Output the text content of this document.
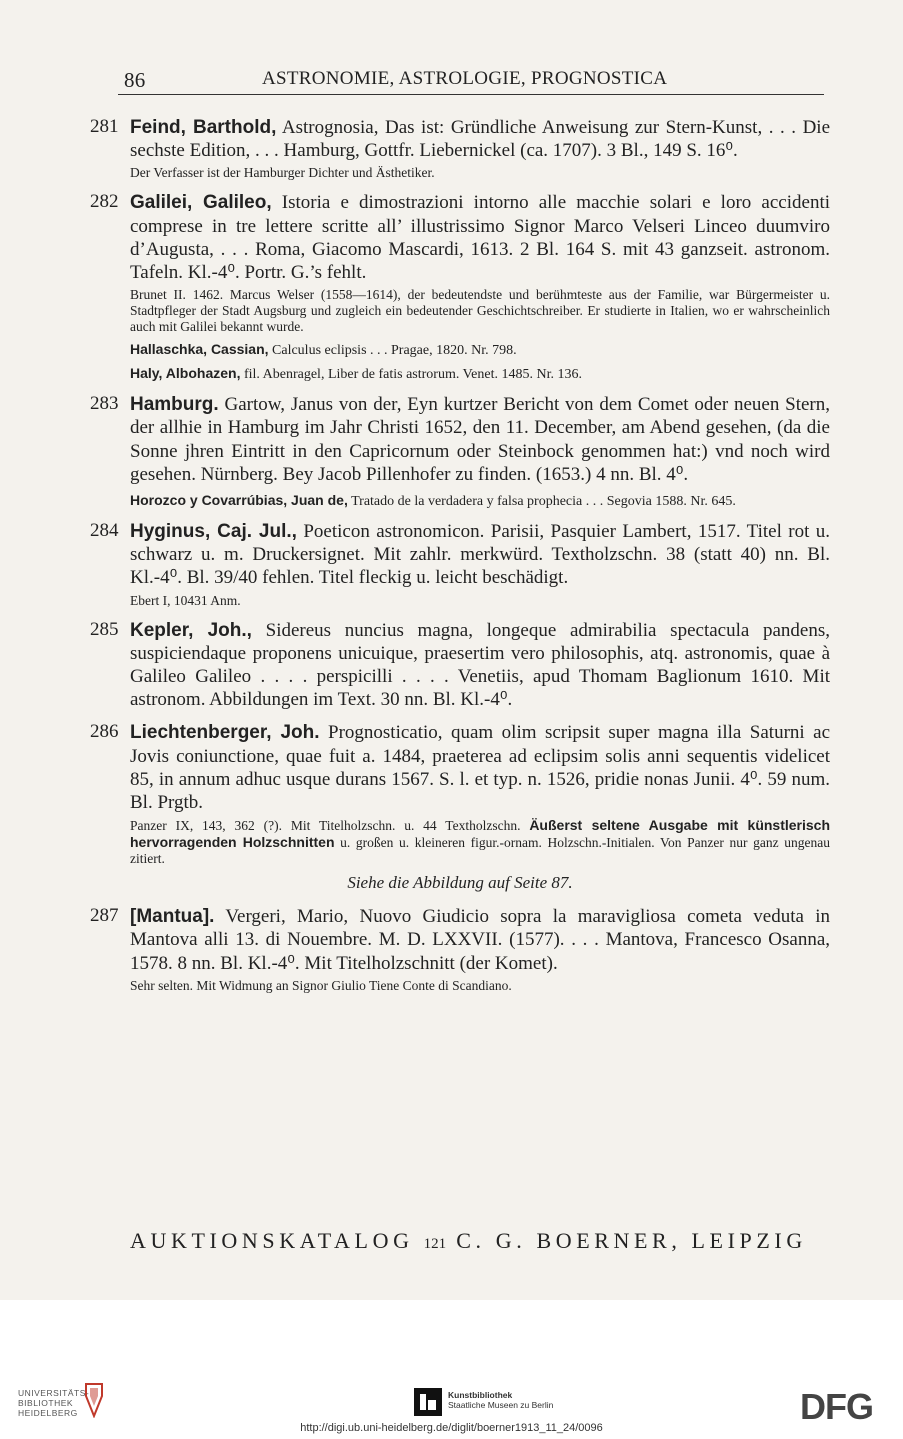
86	ASTRONOMIE, ASTROLOGIE, PROGNOSTICA
281 Feind, Barthold, Astrognosia, Das ist: Gründliche Anweisung zur Stern-Kunst, . . . Die sechste Edition, . . . Hamburg, Gottfr. Liebernickel (ca. 1707). 3 Bl., 149 S. 16⁰.
Der Verfasser ist der Hamburger Dichter und Ästhetiker.
282 Galilei, Galileo, Istoria e dimostrazioni intorno alle macchie solari e loro accidenti comprese in tre lettere scritte all’ illustrissimo Signor Marco Velseri Linceo duumviro d’Augusta, . . . Roma, Giacomo Mascardi, 1613. 2 Bl. 164 S. mit 43 ganzseit. astronom. Tafeln. Kl.-4⁰. Portr. G.’s fehlt.
Brunet II. 1462. Marcus Welser (1558—1614), der bedeutendste und berühmteste aus der Familie, war Bürgermeister u. Stadtpfleger der Stadt Augsburg und zugleich ein bedeutender Geschichtschreiber. Er studierte in Italien, wo er wahrscheinlich auch mit Galilei bekannt wurde.
Hallaschka, Cassian, Calculus eclipsis . . . Pragae, 1820. Nr. 798.
Haly, Albohazen, fil. Abenragel, Liber de fatis astrorum. Venet. 1485. Nr. 136.
283 Hamburg. Gartow, Janus von der, Eyn kurtzer Bericht von dem Comet oder neuen Stern, der allhie in Hamburg im Jahr Christi 1652, den 11. December, am Abend gesehen, (da die Sonne jhren Eintritt in den Capricornum oder Steinbock genommen hat:) vnd noch wird gesehen. Nürnberg. Bey Jacob Pillenhofer zu finden. (1653.) 4 nn. Bl. 4⁰.
Horozco y Covarrúbias, Juan de, Tratado de la verdadera y falsa prophecia . . . Segovia 1588. Nr. 645.
284 Hyginus, Caj. Jul., Poeticon astronomicon. Parisii, Pasquier Lambert, 1517. Titel rot u. schwarz u. m. Druckersignet. Mit zahlr. merkwürd. Textholzschn. 38 (statt 40) nn. Bl. Kl.-4⁰. Bl. 39/40 fehlen. Titel fleckig u. leicht beschädigt.
Ebert I, 10431 Anm.
285 Kepler, Joh., Sidereus nuncius magna, longeque admirabilia spectacula pandens, suspiciendaque proponens unicuique, praesertim vero philosophis, atq. astronomis, quae à Galileo Galileo . . . . perspicilli . . . . Venetiis, apud Thomam Baglionum 1610. Mit astronom. Abbildungen im Text. 30 nn. Bl. Kl.-4⁰.
286 Liechtenberger, Joh. Prognosticatio, quam olim scripsit super magna illa Saturni ac Jovis coniunctione, quae fuit a. 1484, praeterea ad eclipsim solis anni sequentis videlicet 85, in annum adhuc usque durans 1567. S. l. et typ. n. 1526, pridie nonas Junii. 4⁰. 59 num. Bl. Prgtb.
Panzer IX, 143, 362 (?). Mit Titelholzschn. u. 44 Textholzschn. Äußerst seltene Ausgabe mit künstlerisch hervorragenden Holzschnitten u. großen u. kleineren figur.-ornam. Holzschn.-Initialen. Von Panzer nur ganz ungenau zitiert.
Siehe die Abbildung auf Seite 87.
287 [Mantua]. Vergeri, Mario, Nuovo Giudicio sopra la maravigliosa cometa veduta in Mantova alli 13. di Nouembre. M. D. LXXVII. (1577). . . . Mantova, Francesco Osanna, 1578. 8 nn. Bl. Kl.-4⁰. Mit Titelholzschnitt (der Komet).
Sehr selten. Mit Widmung an Signor Giulio Tiene Conte di Scandiano.
AUKTIONSKATALOG 121 C. G. BOERNER, LEIPZIG
UNIVERSITÄTS-
BIBLIOTHEK
HEIDELBERG
Kunstbibliothek
Staatliche Museen zu Berlin	DFG
http://digi.ub.uni-heidelberg.de/diglit/boerner1913_11_24/0096
